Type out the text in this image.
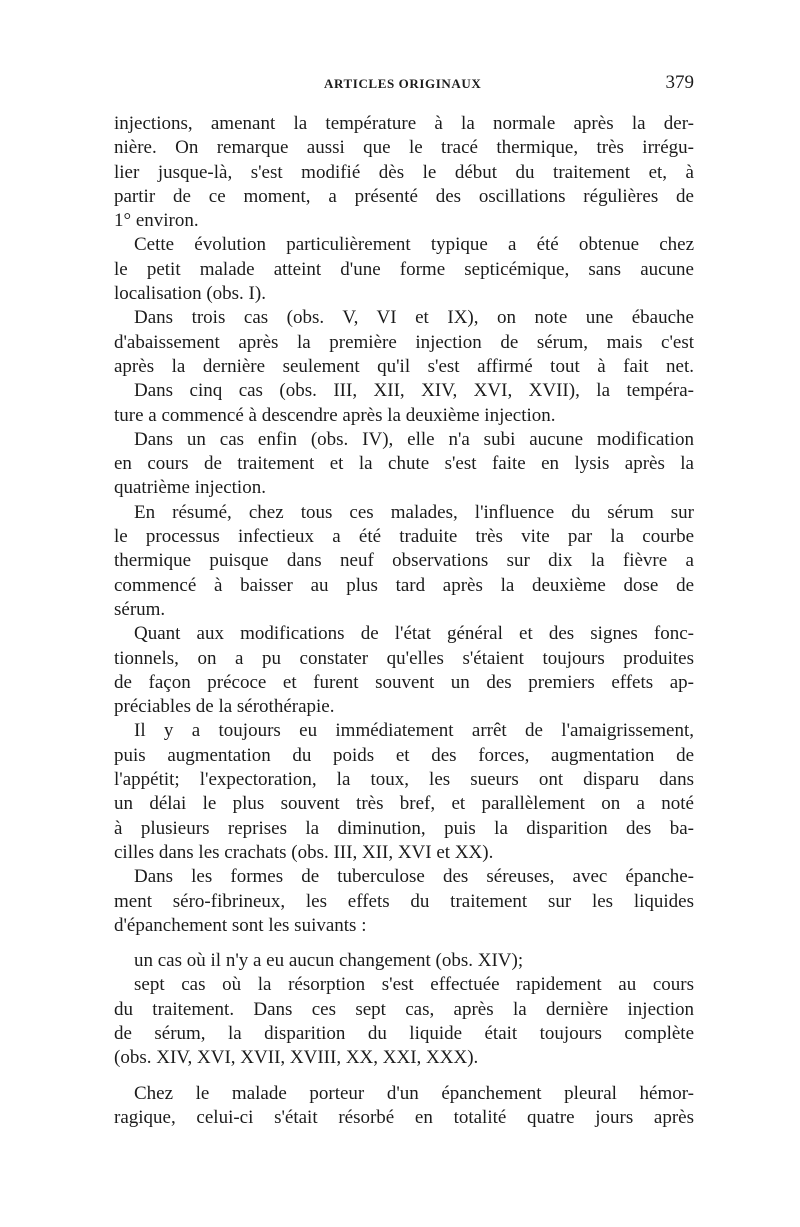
ARTICLES ORIGINAUX	379
injections, amenant la température à la normale après la der-
nière. On remarque aussi que le tracé thermique, très irrégu-
lier jusque-là, s'est modifié dès le début du traitement et, à
partir de ce moment, a présenté des oscillations régulières de
1° environ.
Cette évolution particulièrement typique a été obtenue chez
le petit malade atteint d'une forme septicémique, sans aucune
localisation (obs. I).
Dans trois cas (obs. V, VI et IX), on note une ébauche
d'abaissement après la première injection de sérum, mais c'est
après la dernière seulement qu'il s'est affirmé tout à fait net.
Dans cinq cas (obs. III, XII, XIV, XVI, XVII), la tempéra-
ture a commencé à descendre après la deuxième injection.
Dans un cas enfin (obs. IV), elle n'a subi aucune modification
en cours de traitement et la chute s'est faite en lysis après la
quatrième injection.
En résumé, chez tous ces malades, l'influence du sérum sur
le processus infectieux a été traduite très vite par la courbe
thermique puisque dans neuf observations sur dix la fièvre a
commencé à baisser au plus tard après la deuxième dose de
sérum.
Quant aux modifications de l'état général et des signes fonc-
tionnels, on a pu constater qu'elles s'étaient toujours produites
de façon précoce et furent souvent un des premiers effets ap-
préciables de la sérothérapie.
Il y a toujours eu immédiatement arrêt de l'amaigrissement,
puis augmentation du poids et des forces, augmentation de
l'appétit; l'expectoration, la toux, les sueurs ont disparu dans
un délai le plus souvent très bref, et parallèlement on a noté
à plusieurs reprises la diminution, puis la disparition des ba-
cilles dans les crachats (obs. III, XII, XVI et XX).
Dans les formes de tuberculose des séreuses, avec épanche-
ment séro-fibrineux, les effets du traitement sur les liquides
d'épanchement sont les suivants :
un cas où il n'y a eu aucun changement (obs. XIV);
sept cas où la résorption s'est effectuée rapidement au cours
du traitement. Dans ces sept cas, après la dernière injection
de sérum, la disparition du liquide était toujours complète
(obs. XIV, XVI, XVII, XVIII, XX, XXI, XXX).
Chez le malade porteur d'un épanchement pleural hémor-
ragique, celui-ci s'était résorbé en totalité quatre jours après
